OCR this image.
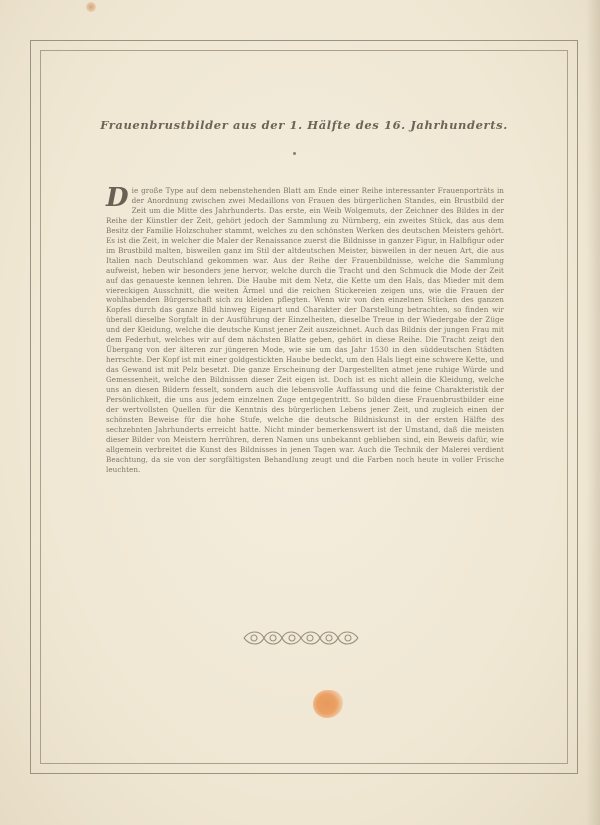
Frauenbrustbilder aus der 1. Hälfte des 16. Jahrhunderts.
D ie große Type auf dem nebenstehenden Blatt am Ende einer Reihe interessanter Frauenporträts in der Anordnung zwischen zwei Medaillons von Frauen des bürgerlichen Standes, ein Brustbild der Zeit um die Mitte des Jahrhunderts. Das erste, ein Weib Wolgemuts, der Zeichner des Bildes in der Reihe der Künstler der Zeit, gehört jedoch der Sammlung zu Nürnberg, ein zweites Stück, das aus dem Besitz der Familie Holzschuher stammt, welches zu den schönsten Werken des deutschen Meisters gehört. Es ist die Zeit, in welcher die Maler der Renaissance zuerst die Bildnisse in ganzer Figur, in Halbfigur oder im Brustbild malten, bisweilen ganz im Stil der altdeutschen Meister, bisweilen in der neuen Art, die aus Italien nach Deutschland gekommen war. Aus der Reihe der Frauenbildnisse, welche die Sammlung aufweist, heben wir besonders jene hervor, welche durch die Tracht und den Schmuck die Mode der Zeit auf das genaueste kennen lehren. Die Haube mit dem Netz, die Kette um den Hals, das Mieder mit dem viereckigen Ausschnitt, die weiten Ärmel und die reichen Stickereien zeigen uns, wie die Frauen der wohlhabenden Bürgerschaft sich zu kleiden pflegten. Wenn wir von den einzelnen Stücken des ganzen Kopfes durch das ganze Bild hinweg Eigenart und Charakter der Darstellung betrachten, so finden wir überall dieselbe Sorgfalt in der Ausführung der Einzelheiten, dieselbe Treue in der Wiedergabe der Züge und der Kleidung, welche die deutsche Kunst jener Zeit auszeichnet. Auch das Bildnis der jungen Frau mit dem Federhut, welches wir auf dem nächsten Blatte geben, gehört in diese Reihe. Die Tracht zeigt den Übergang von der älteren zur jüngeren Mode, wie sie um das Jahr 1530 in den süddeutschen Städten herrschte. Der Kopf ist mit einer goldgestickten Haube bedeckt, um den Hals liegt eine schwere Kette, und das Gewand ist mit Pelz besetzt. Die ganze Erscheinung der Dargestellten atmet jene ruhige Würde und Gemessenheit, welche den Bildnissen dieser Zeit eigen ist. Doch ist es nicht allein die Kleidung, welche uns an diesen Bildern fesselt, sondern auch die lebensvolle Auffassung und die feine Charakteristik der Persönlichkeit, die uns aus jedem einzelnen Zuge entgegentritt. So bilden diese Frauenbrustbilder eine der wertvollsten Quellen für die Kenntnis des bürgerlichen Lebens jener Zeit, und zugleich einen der schönsten Beweise für die hohe Stufe, welche die deutsche Bildniskunst in der ersten Hälfte des sechzehnten Jahrhunderts erreicht hatte. Nicht minder bemerkenswert ist der Umstand, daß die meisten dieser Bilder von Meistern herrühren, deren Namen uns unbekannt geblieben sind, ein Beweis dafür, wie allgemein verbreitet die Kunst des Bildnisses in jenen Tagen war. Auch die Technik der Malerei verdient Beachtung, da sie von der sorgfältigsten Behandlung zeugt und die Farben noch heute in voller Frische leuchten.
